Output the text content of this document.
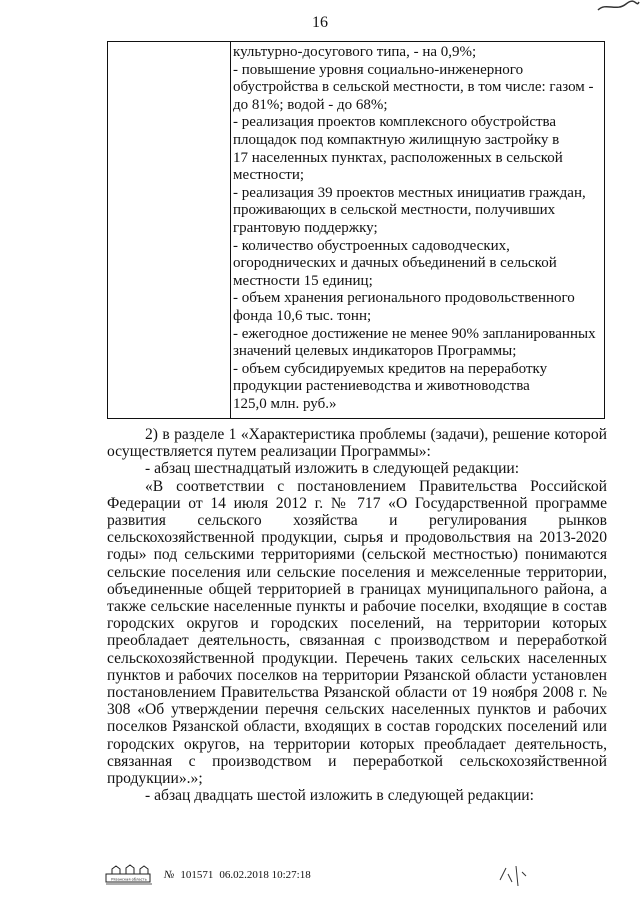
16
культурно-досугового типа, - на 0,9%;
- повышение уровня социально-инженерного
обустройства в сельской местности, в том числе: газом -
до 81%; водой - до 68%;
- реализация проектов комплексного обустройства
площадок под компактную жилищную застройку в
17 населенных пунктах, расположенных в сельской
местности;
- реализация 39 проектов местных инициатив граждан,
проживающих в сельской местности, получивших
грантовую поддержку;
- количество обустроенных садоводческих,
огороднических и дачных объединений в сельской
местности 15 единиц;
- объем хранения регионального продовольственного
фонда 10,6 тыс. тонн;
- ежегодное достижение не менее 90% запланированных
значений целевых индикаторов Программы;
- объем субсидируемых кредитов на переработку
продукции растениеводства и животноводства
125,0 млн. руб.»

2) в разделе 1 «Характеристика проблемы (задачи), решение которой осуществляется путем реализации Программы»:

- абзац шестнадцатый изложить в следующей редакции:

«В соответствии с постановлением Правительства Российской Федерации от 14 июля 2012 г. № 717 «О Государственной программе развития сельского хозяйства и регулирования рынков сельскохозяйственной продукции, сырья и продовольствия на 2013-2020 годы» под сельскими территориями (сельской местностью) понимаются сельские поселения или сельские поселения и межселенные территории, объединенные общей территорией в границах муниципального района, а также сельские населенные пункты и рабочие поселки, входящие в состав городских округов и городских поселений, на территории которых преобладает деятельность, связанная с производством и переработкой сельскохозяйственной продукции. Перечень таких сельских населенных пунктов и рабочих поселков на территории Рязанской области установлен постановлением Правительства Рязанской области от 19 ноября 2008 г. № 308 «Об утверждении перечня сельских населенных пунктов и рабочих поселков Рязанской области, входящих в состав городских поселений или городских округов, на территории которых преобладает деятельность, связанная с производством и переработкой сельскохозяйственной продукции».»;

- абзац двадцать шестой изложить в следующей редакции:

Рязанская область № 101571 06.02.2018 10:27:18
